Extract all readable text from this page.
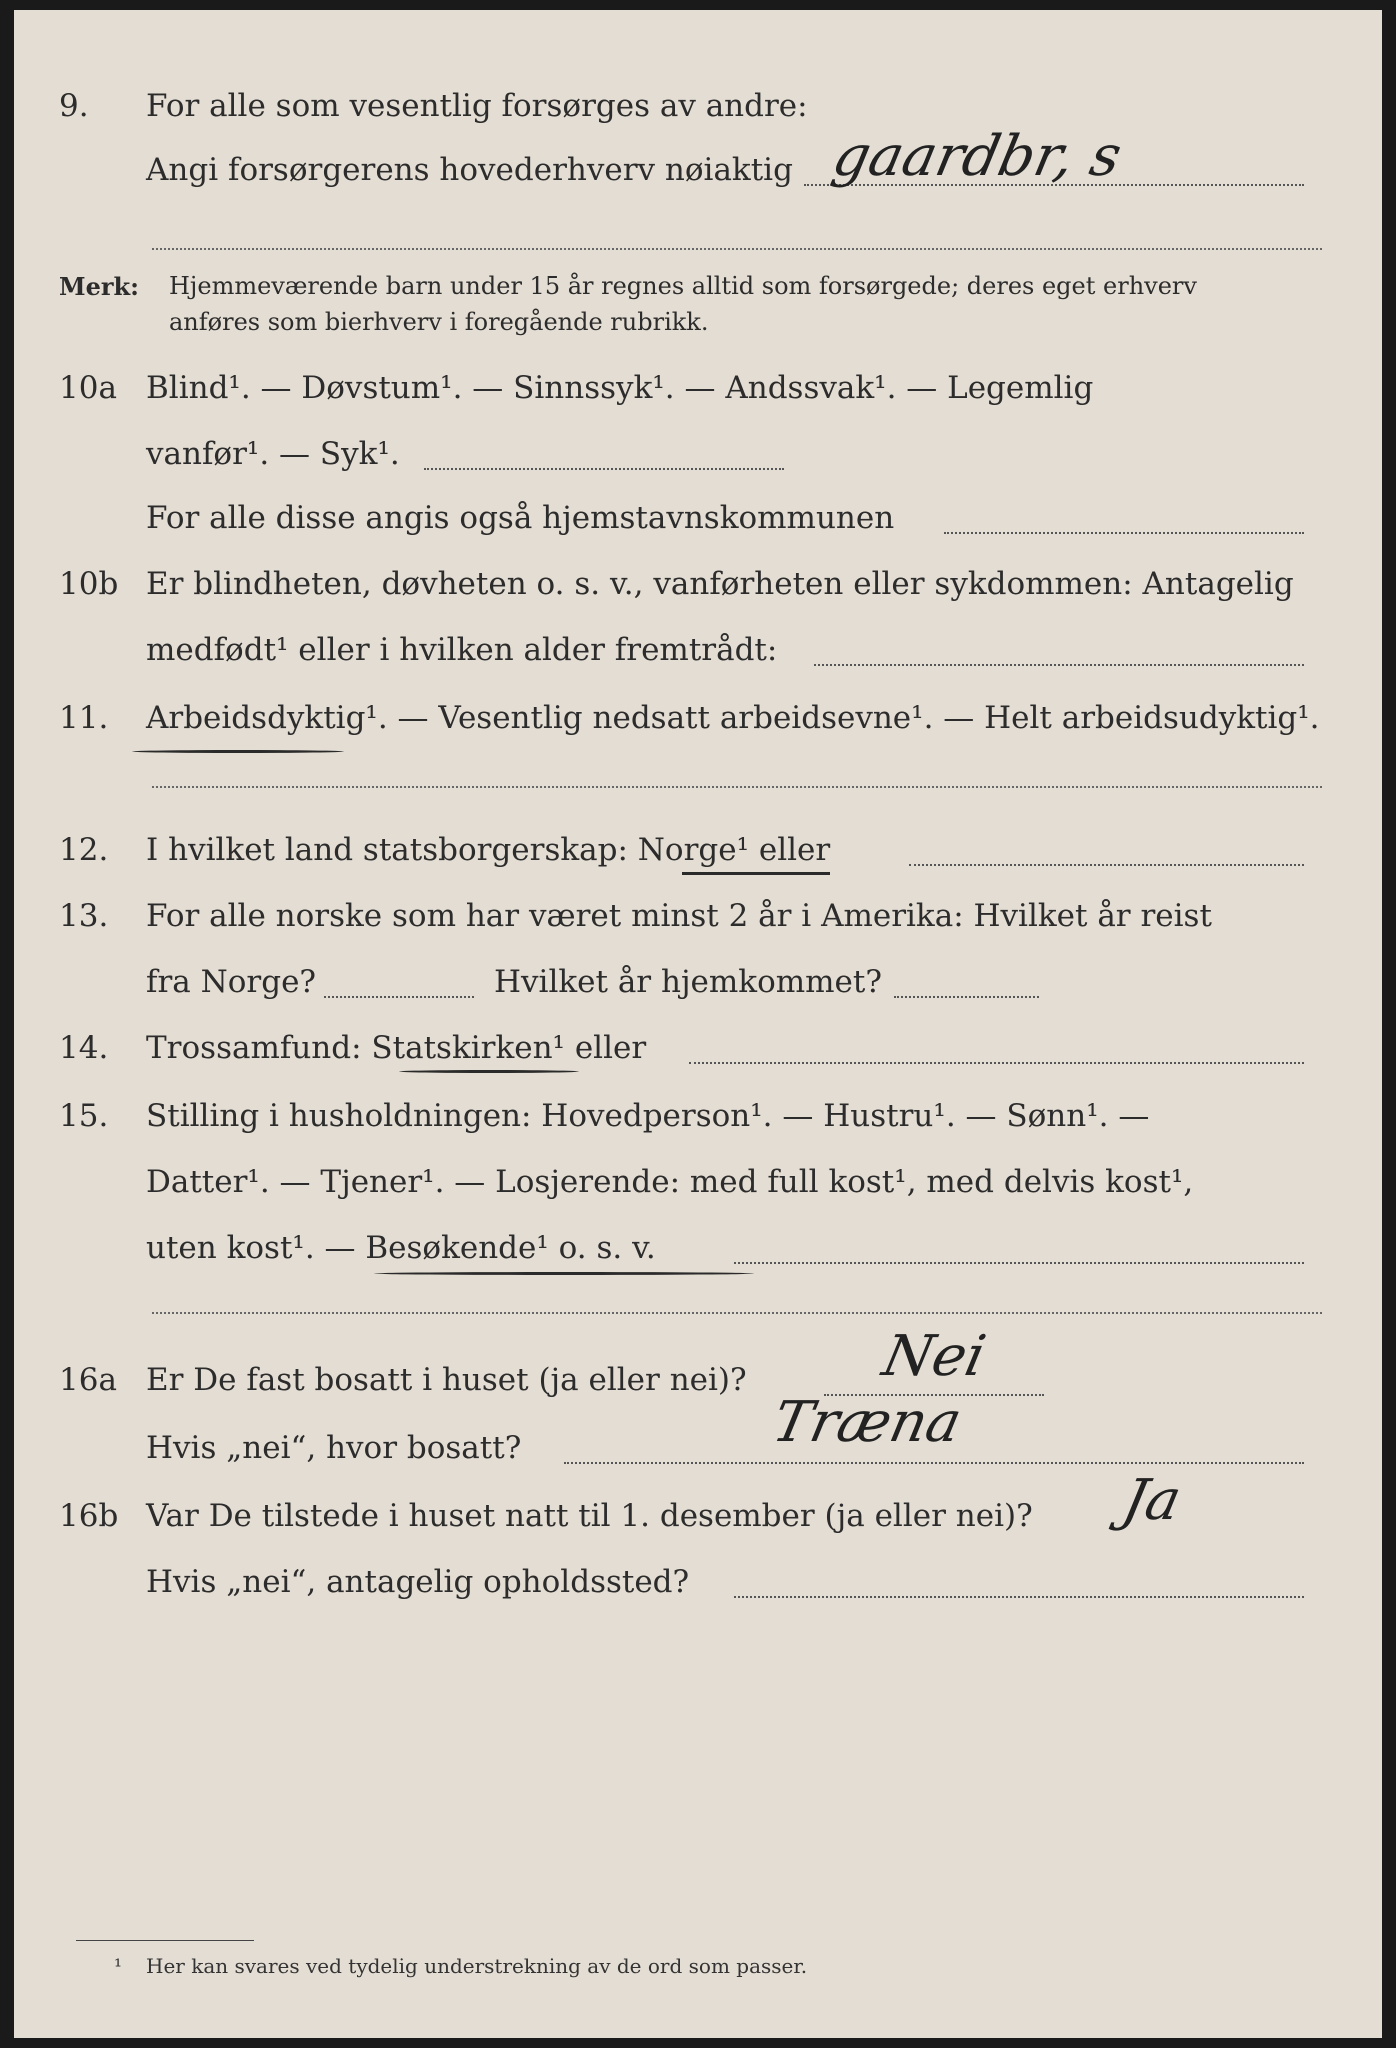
9. For alle som vesentlig forsørges av andre:
Angi forsørgerens hovederhverv nøiaktig gaardbr, s
Merk: Hjemmeværende barn under 15 år regnes alltid som forsørgede; deres eget erhverv
anføres som bierhverv i foregående rubrikk.
10a Blind¹. — Døvstum¹. — Sinnssyk¹. — Andssvak¹. — Legemlig
vanfør¹. — Syk¹.
For alle disse angis også hjemstavnskommunen
10b Er blindheten, døvheten o. s. v., vanførheten eller sykdommen: Antagelig
medfødt¹ eller i hvilken alder fremtrådt:
11. Arbeidsdyktig¹. — Vesentlig nedsatt arbeidsevne¹. — Helt arbeidsudyktig¹.
12. I hvilket land statsborgerskap: Norge¹ eller
13. For alle norske som har været minst 2 år i Amerika: Hvilket år reist
fra Norge?	Hvilket år hjemkommet?
14. Trossamfund: Statskirken¹ eller
15. Stilling i husholdningen: Hovedperson¹. — Hustru¹. — Sønn¹. —
Datter¹. — Tjener¹. — Losjerende: med full kost¹, med delvis kost¹,
uten kost¹. — Besøkende¹ o. s. v.
16a Er De fast bosatt i huset (ja eller nei)? Nei
Hvis „nei“, hvor bosatt?	Træna
16b Var De tilstede i huset natt til 1. desember (ja eller nei)? Ja
Hvis „nei“, antagelig opholdssted?
¹ Her kan svares ved tydelig understrekning av de ord som passer.
